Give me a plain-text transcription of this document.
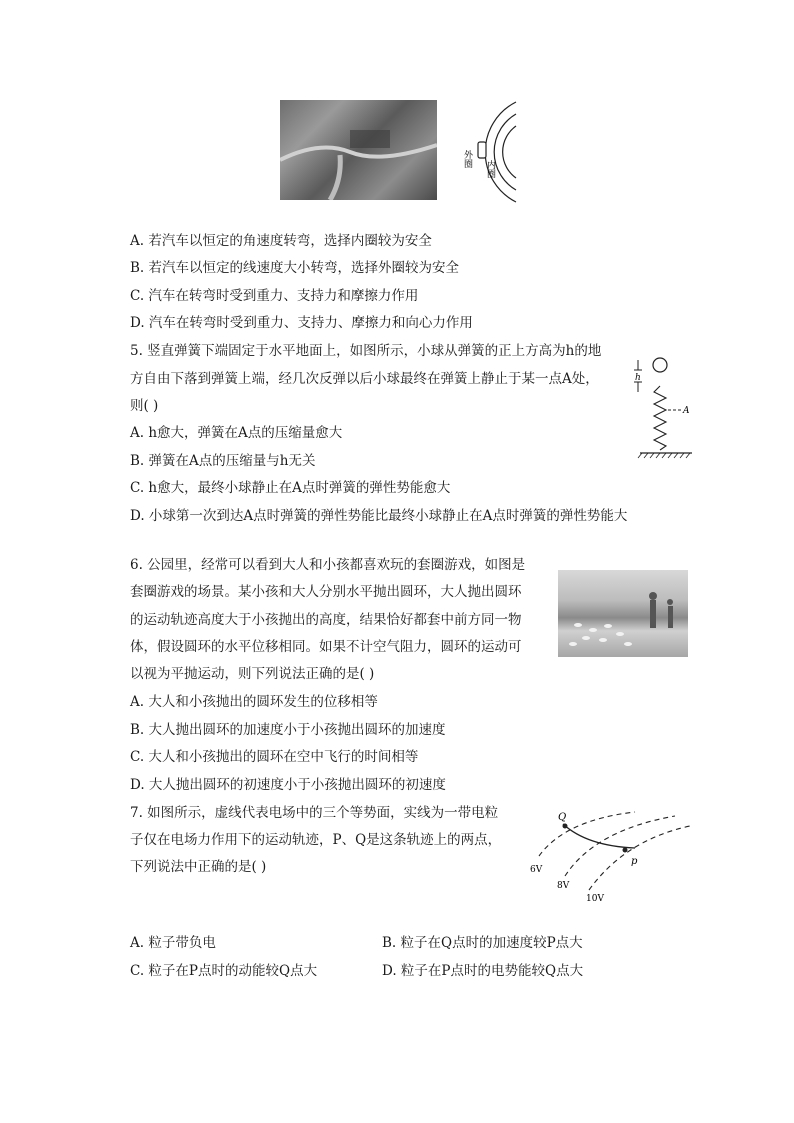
外圈
内圈
A. 若汽车以恒定的角速度转弯，选择内圈较为安全
B. 若汽车以恒定的线速度大小转弯，选择外圈较为安全
C. 汽车在转弯时受到重力、支持力和摩擦力作用
D. 汽车在转弯时受到重力、支持力、摩擦力和向心力作用
5. 竖直弹簧下端固定于水平地面上，如图所示，小球从弹簧的正上方高为h的地
方自由下落到弹簧上端，经几次反弹以后小球最终在弹簧上静止于某一点A处，
则( )
A. h愈大，弹簧在A点的压缩量愈大
B. 弹簧在A点的压缩量与h无关
C. h愈大，最终小球静止在A点时弹簧的弹性势能愈大
D. 小球第一次到达A点时弹簧的弹性势能比最终小球静止在A点时弹簧的弹性势能大
h
A
6. 公园里，经常可以看到大人和小孩都喜欢玩的套圈游戏，如图是
套圈游戏的场景。某小孩和大人分别水平抛出圆环，大人抛出圆环
的运动轨迹高度大于小孩抛出的高度，结果恰好都套中前方同一物
体，假设圆环的水平位移相同。如果不计空气阻力，圆环的运动可
以视为平抛运动，则下列说法正确的是( )
A. 大人和小孩抛出的圆环发生的位移相等
B. 大人抛出圆环的加速度小于小孩抛出圆环的加速度
C. 大人和小孩抛出的圆环在空中飞行的时间相等
D. 大人抛出圆环的初速度小于小孩抛出圆环的初速度
7. 如图所示，虚线代表电场中的三个等势面，实线为一带电粒
子仅在电场力作用下的运动轨迹，P、Q是这条轨迹上的两点，
下列说法中正确的是( )
Q
p
6V
8V
10V
A. 粒子带负电	B. 粒子在Q点时的加速度较P点大
C. 粒子在P点时的动能较Q点大	D. 粒子在P点时的电势能较Q点大
